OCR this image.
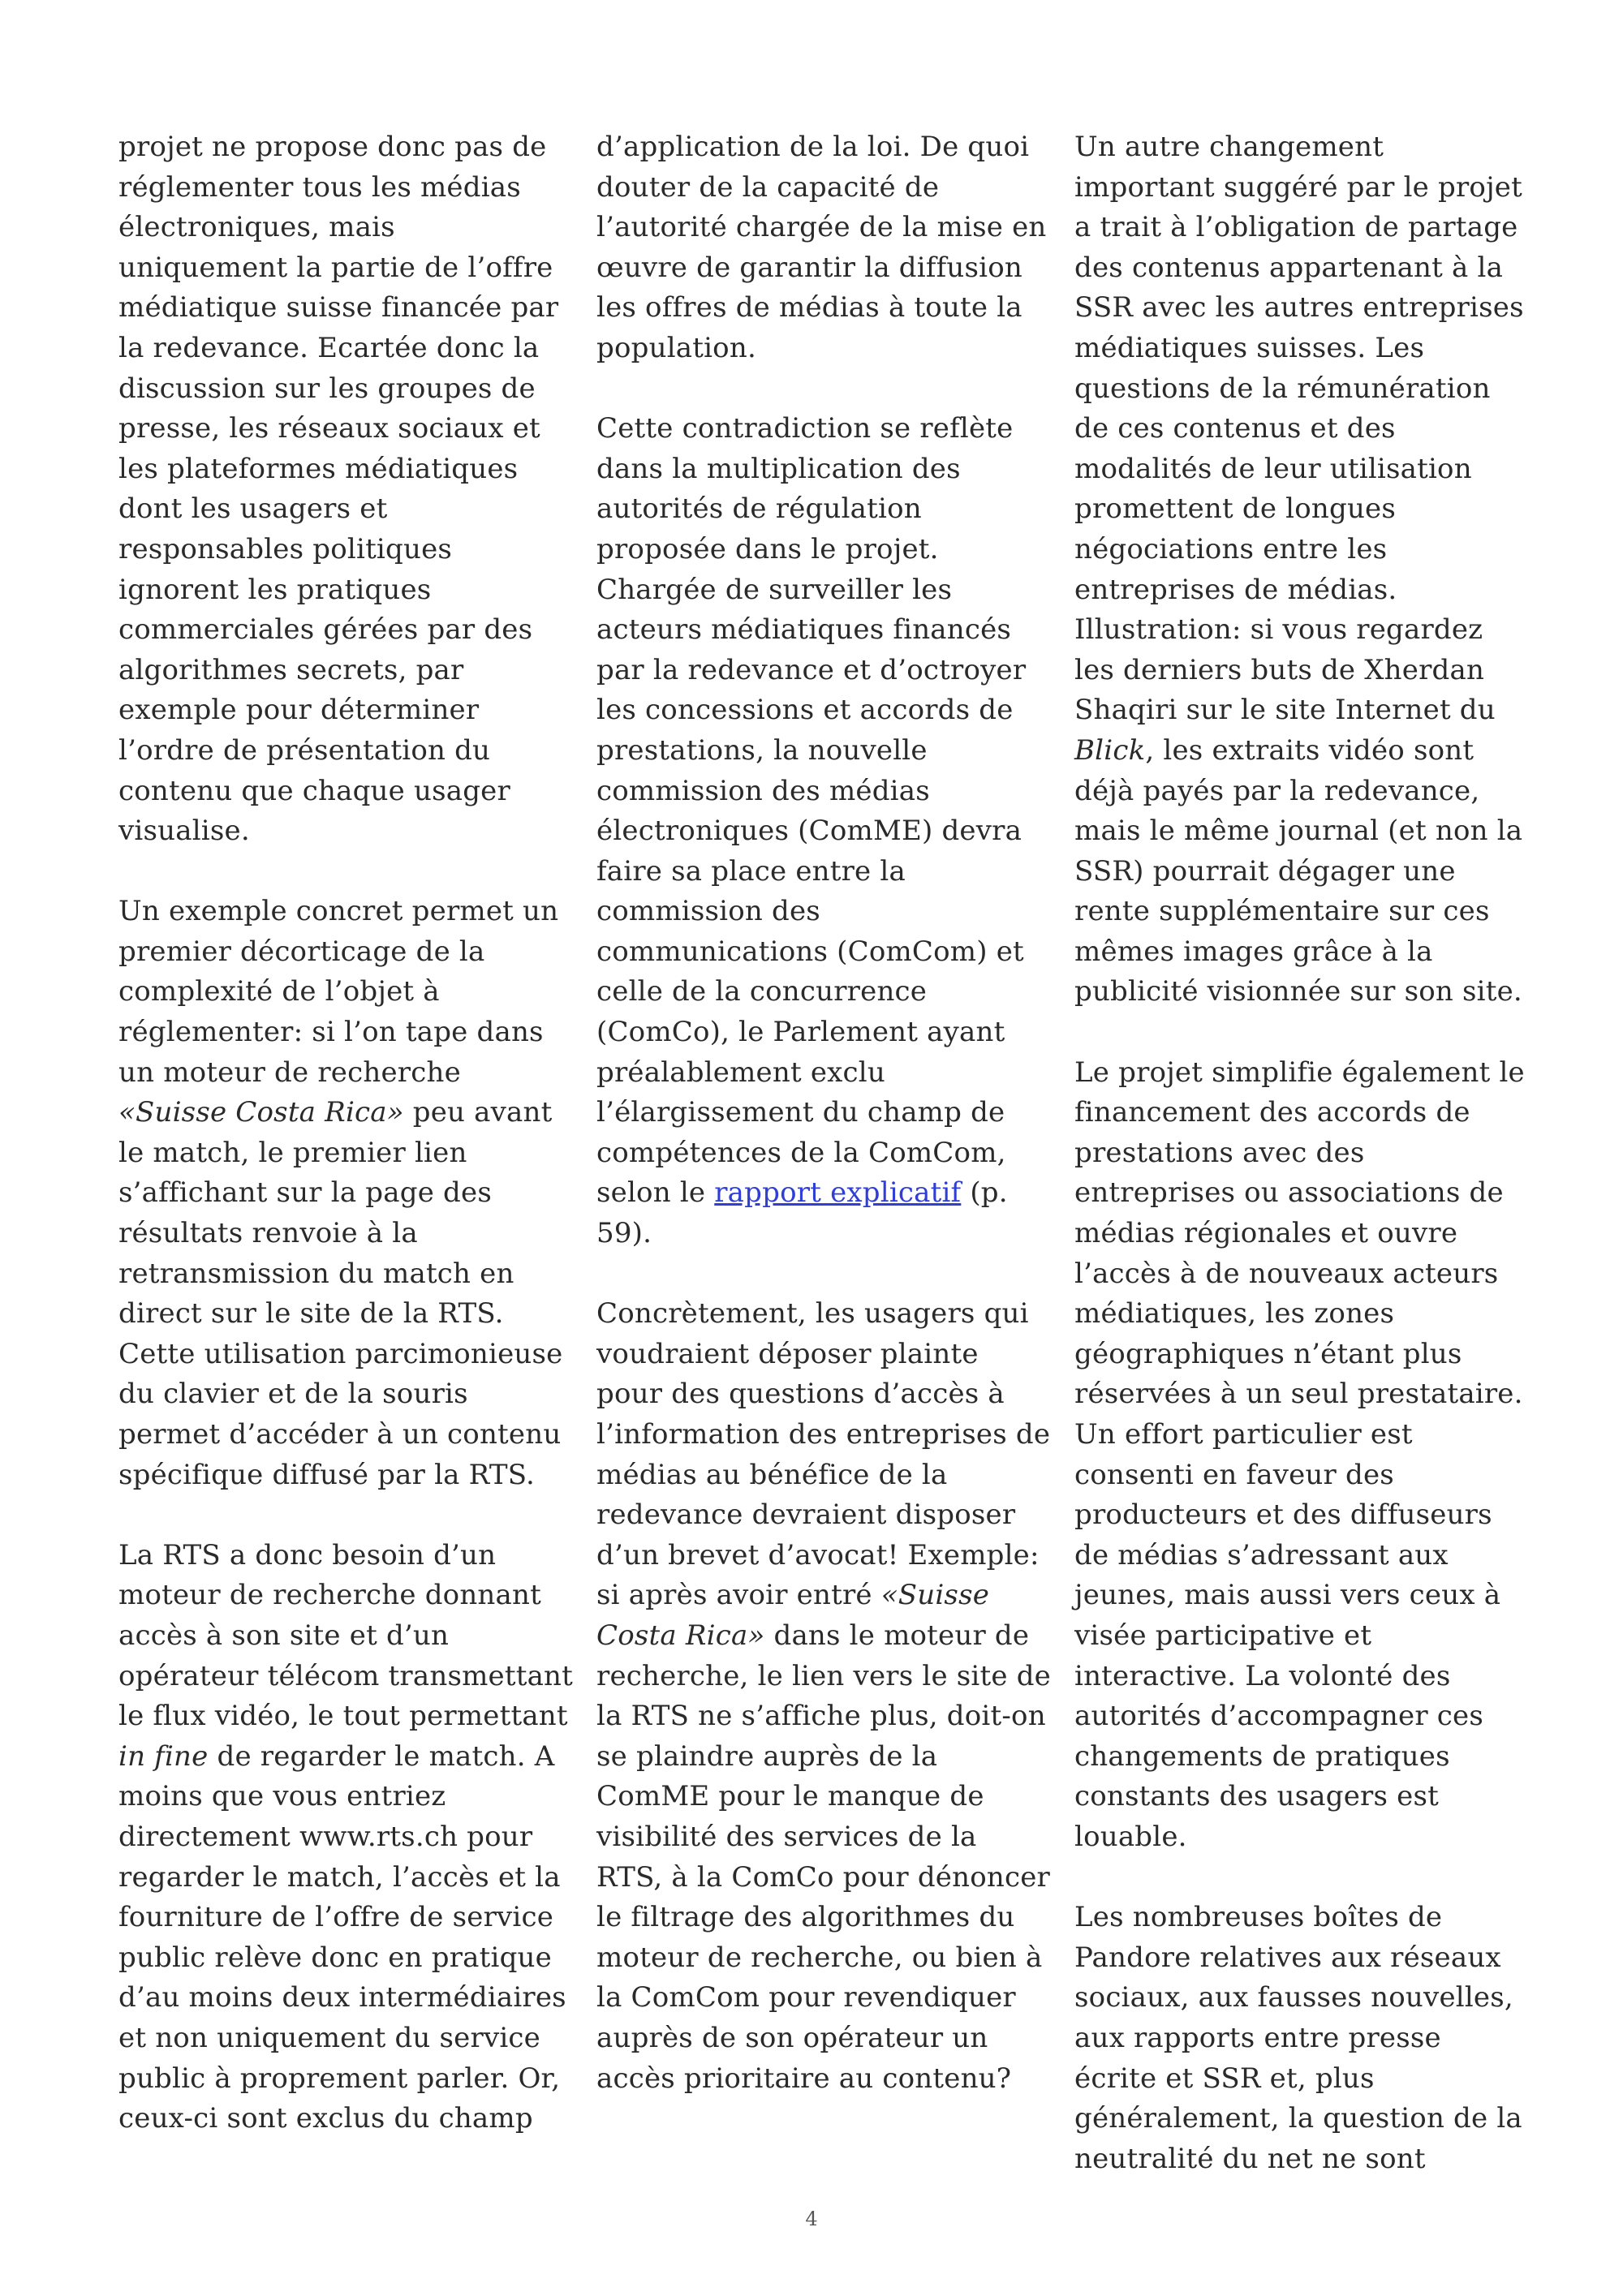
projet ne propose donc pas de réglementer tous les médias électroniques, mais uniquement la partie de l’offre médiatique suisse financée par la redevance. Ecartée donc la discussion sur les groupes de presse, les réseaux sociaux et les plateformes médiatiques dont les usagers et responsables politiques ignorent les pratiques commerciales gérées par des algorithmes secrets, par exemple pour déterminer l’ordre de présentation du contenu que chaque usager visualise.

Un exemple concret permet un premier décorticage de la complexité de l’objet à réglementer: si l’on tape dans un moteur de recherche «Suisse Costa Rica» peu avant le match, le premier lien s’affichant sur la page des résultats renvoie à la retransmission du match en direct sur le site de la RTS. Cette utilisation parcimonieuse du clavier et de la souris permet d’accéder à un contenu spécifique diffusé par la RTS.

La RTS a donc besoin d’un moteur de recherche donnant accès à son site et d’un opérateur télécom transmettant le flux vidéo, le tout permettant in fine de regarder le match. A moins que vous entriez directement www.rts.ch pour regarder le match, l’accès et la fourniture de l’offre de service public relève donc en pratique d’au moins deux intermédiaires et non uniquement du service public à proprement parler. Or, ceux-ci sont exclus du champ

d’application de la loi. De quoi douter de la capacité de l’autorité chargée de la mise en œuvre de garantir la diffusion les offres de médias à toute la population.

Cette contradiction se reflète dans la multiplication des autorités de régulation proposée dans le projet. Chargée de surveiller les acteurs médiatiques financés par la redevance et d’octroyer les concessions et accords de prestations, la nouvelle commission des médias électroniques (ComME) devra faire sa place entre la commission des communications (ComCom) et celle de la concurrence (ComCo), le Parlement ayant préalablement exclu l’élargissement du champ de compétences de la ComCom, selon le rapport explicatif (p. 59).

Concrètement, les usagers qui voudraient déposer plainte pour des questions d’accès à l’information des entreprises de médias au bénéfice de la redevance devraient disposer d’un brevet d’avocat! Exemple: si après avoir entré «Suisse Costa Rica» dans le moteur de recherche, le lien vers le site de la RTS ne s’affiche plus, doit-on se plaindre auprès de la ComME pour le manque de visibilité des services de la RTS, à la ComCo pour dénoncer le filtrage des algorithmes du moteur de recherche, ou bien à la ComCom pour revendiquer auprès de son opérateur un accès prioritaire au contenu?

Un autre changement important suggéré par le projet a trait à l’obligation de partage des contenus appartenant à la SSR avec les autres entreprises médiatiques suisses. Les questions de la rémunération de ces contenus et des modalités de leur utilisation promettent de longues négociations entre les entreprises de médias. Illustration: si vous regardez les derniers buts de Xherdan Shaqiri sur le site Internet du Blick, les extraits vidéo sont déjà payés par la redevance, mais le même journal (et non la SSR) pourrait dégager une rente supplémentaire sur ces mêmes images grâce à la publicité visionnée sur son site.

Le projet simplifie également le financement des accords de prestations avec des entreprises ou associations de médias régionales et ouvre l’accès à de nouveaux acteurs médiatiques, les zones géographiques n’étant plus réservées à un seul prestataire. Un effort particulier est consenti en faveur des producteurs et des diffuseurs de médias s’adressant aux jeunes, mais aussi vers ceux à visée participative et interactive. La volonté des autorités d’accompagner ces changements de pratiques constants des usagers est louable.

Les nombreuses boîtes de Pandore relatives aux réseaux sociaux, aux fausses nouvelles, aux rapports entre presse écrite et SSR et, plus généralement, la question de la neutralité du net ne sont

4
